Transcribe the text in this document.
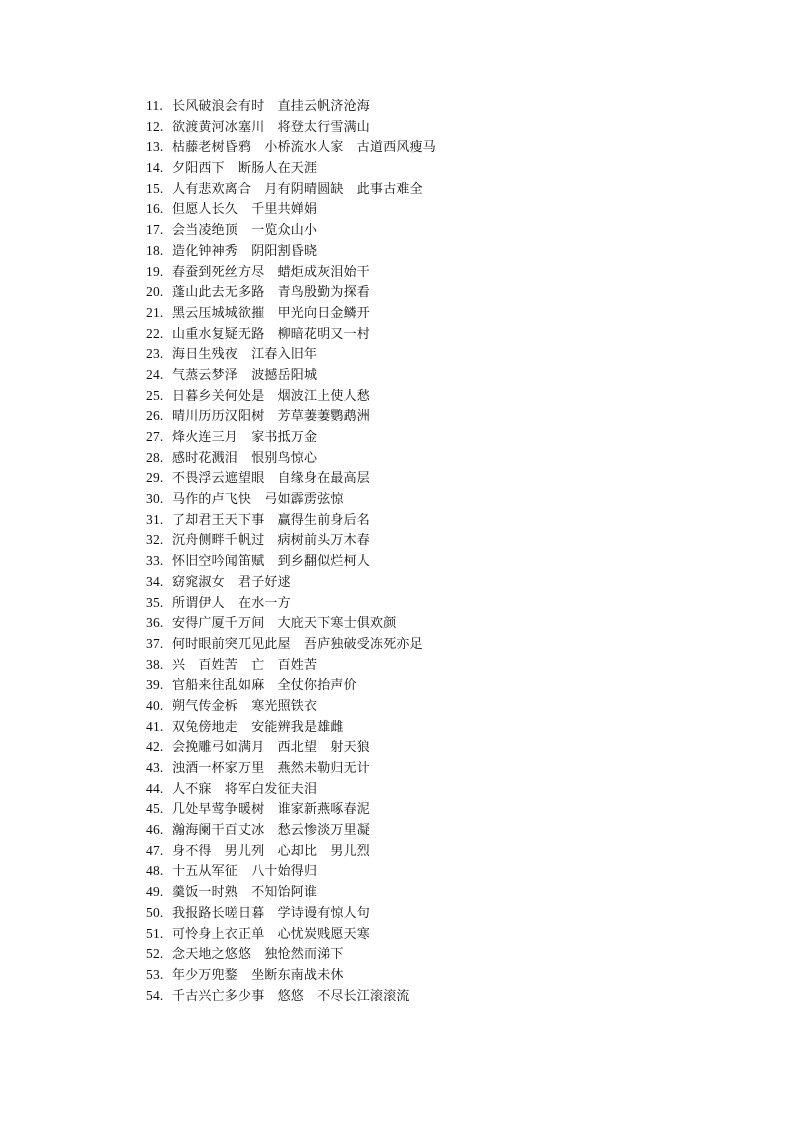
11. 长风破浪会有时　直挂云帆济沧海
12. 欲渡黄河冰塞川　将登太行雪满山
13. 枯藤老树昏鸦　小桥流水人家　古道西风瘦马
14. 夕阳西下　断肠人在天涯
15. 人有悲欢离合　月有阴晴圆缺　此事古难全
16. 但愿人长久　千里共婵娟
17. 会当凌绝顶　一览众山小
18. 造化钟神秀　阴阳割昏晓
19. 春蚕到死丝方尽　蜡炬成灰泪始干
20. 蓬山此去无多路　青鸟殷勤为探看
21. 黑云压城城欲摧　甲光向日金鳞开
22. 山重水复疑无路　柳暗花明又一村
23. 海日生残夜　江春入旧年
24. 气蒸云梦泽　波撼岳阳城
25. 日暮乡关何处是　烟波江上使人愁
26. 晴川历历汉阳树　芳草萋萋鹦鹉洲
27. 烽火连三月　家书抵万金
28. 感时花溅泪　恨别鸟惊心
29. 不畏浮云遮望眼　自缘身在最高层
30. 马作的卢飞快　弓如霹雳弦惊
31. 了却君王天下事　赢得生前身后名
32. 沉舟侧畔千帆过　病树前头万木春
33. 怀旧空吟闻笛赋　到乡翻似烂柯人
34. 窈窕淑女　君子好逑
35. 所谓伊人　在水一方
36. 安得广厦千万间　大庇天下寒士俱欢颜
37. 何时眼前突兀见此屋　吾庐独破受冻死亦足
38. 兴　百姓苦　亡　百姓苦
39. 官船来往乱如麻　全仗你抬声价
40. 朔气传金柝　寒光照铁衣
41. 双兔傍地走　安能辨我是雄雌
42. 会挽雕弓如满月　西北望　射天狼
43. 浊酒一杯家万里　燕然未勒归无计
44. 人不寐　将军白发征夫泪
45. 几处早莺争暖树　谁家新燕啄春泥
46. 瀚海阑干百丈冰　愁云惨淡万里凝
47. 身不得　男儿列　心却比　男儿烈
48. 十五从军征　八十始得归
49. 羹饭一时熟　不知饴阿谁
50. 我报路长嗟日暮　学诗谩有惊人句
51. 可怜身上衣正单　心忧炭贱愿天寒
52. 念天地之悠悠　独怆然而涕下
53. 年少万兜鍪　坐断东南战未休
54. 千古兴亡多少事　悠悠　不尽长江滚滚流
